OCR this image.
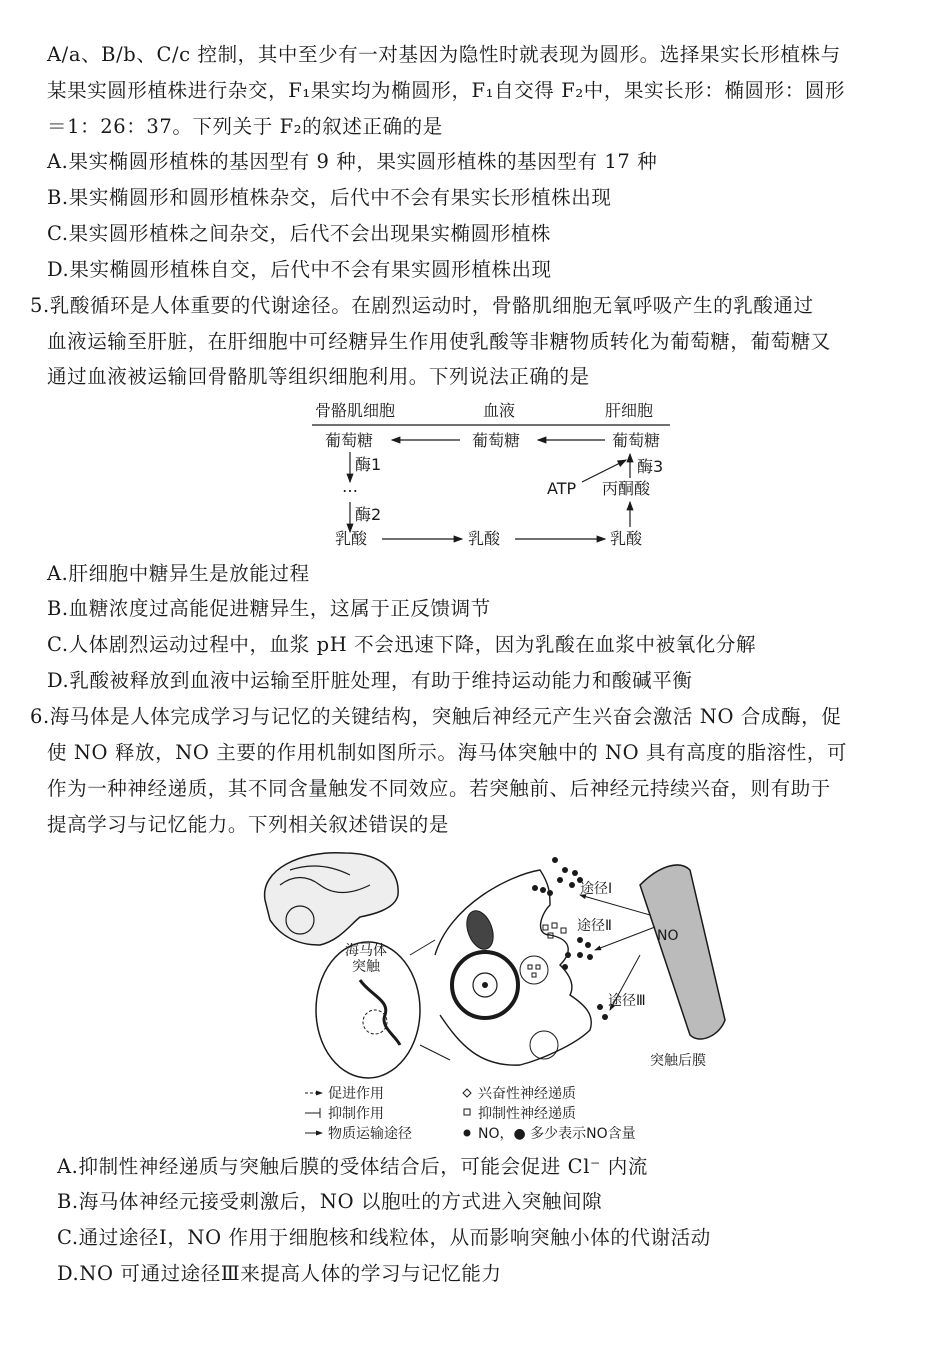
A/a、B/b、C/c 控制，其中至少有一对基因为隐性时就表现为圆形。选择果实长形植株与
某果实圆形植株进行杂交，F₁果实均为椭圆形，F₁自交得 F₂中，果实长形：椭圆形：圆形
＝1：26：37。下列关于 F₂的叙述正确的是
A.果实椭圆形植株的基因型有 9 种，果实圆形植株的基因型有 17 种
B.果实椭圆形和圆形植株杂交，后代中不会有果实长形植株出现
C.果实圆形植株之间杂交，后代不会出现果实椭圆形植株
D.果实椭圆形植株自交，后代中不会有果实圆形植株出现
5.乳酸循环是人体重要的代谢途径。在剧烈运动时，骨骼肌细胞无氧呼吸产生的乳酸通过
血液运输至肝脏，在肝细胞中可经糖异生作用使乳酸等非糖物质转化为葡萄糖，葡萄糖又
通过血液被运输回骨骼肌等组织细胞利用。下列说法正确的是
骨骼肌细胞	血液	肝细胞
葡萄糖	葡萄糖	葡萄糖
乳酸	乳酸	乳酸
ATP 丙酮酸
酶1
酶2
酶3
…
A.肝细胞中糖异生是放能过程
B.血糖浓度过高能促进糖异生，这属于正反馈调节
C.人体剧烈运动过程中，血浆 pH 不会迅速下降，因为乳酸在血浆中被氧化分解
D.乳酸被释放到血液中运输至肝脏处理，有助于维持运动能力和酸碱平衡
6.海马体是人体完成学习与记忆的关键结构，突触后神经元产生兴奋会激活 NO 合成酶，促
使 NO 释放，NO 主要的作用机制如图所示。海马体突触中的 NO 具有高度的脂溶性，可
作为一种神经递质，其不同含量触发不同效应。若突触前、后神经元持续兴奋，则有助于
提高学习与记忆能力。下列相关叙述错误的是
海马体
突触
途径Ⅰ
途径Ⅱ
途径Ⅲ
NO
突触后膜
促进作用
抑制作用
物质运输途径
兴奋性神经递质
抑制性神经递质
NO，● 多少表示NO含量
A.抑制性神经递质与突触后膜的受体结合后，可能会促进 Cl⁻ 内流
B.海马体神经元接受刺激后，NO 以胞吐的方式进入突触间隙
C.通过途径Ⅰ，NO 作用于细胞核和线粒体，从而影响突触小体的代谢活动
D.NO 可通过途径Ⅲ来提高人体的学习与记忆能力
